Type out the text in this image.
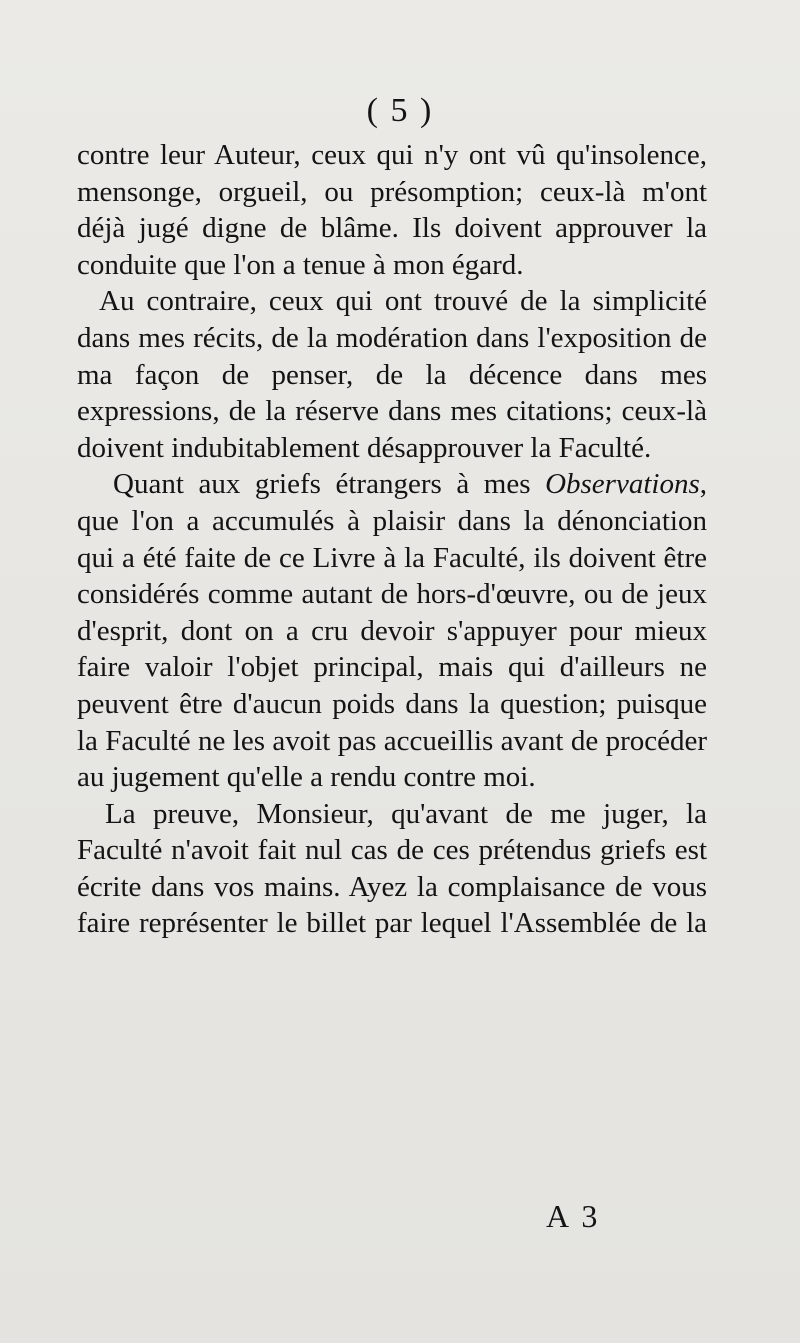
( 5 )

contre leur Auteur, ceux qui n'y ont vû qu'insolence, mensonge, orgueil, ou présomption; ceux-là m'ont déjà jugé digne de blâme. Ils doivent approuver la conduite que l'on a tenue à mon égard.

Au contraire, ceux qui ont trouvé de la simplicité dans mes récits, de la modération dans l'exposition de ma façon de penser, de la décence dans mes expressions, de la réserve dans mes citations; ceux-là doivent indubitablement désapprouver la Faculté.

Quant aux griefs étrangers à mes Observations, que l'on a accumulés à plaisir dans la dénonciation qui a été faite de ce Livre à la Faculté, ils doivent être considérés comme autant de hors-d'œuvre, ou de jeux d'esprit, dont on a cru devoir s'appuyer pour mieux faire valoir l'objet principal, mais qui d'ailleurs ne peuvent être d'aucun poids dans la question; puisque la Faculté ne les avoit pas accueillis avant de procéder au jugement qu'elle a rendu contre moi.

La preuve, Monsieur, qu'avant de me juger, la Faculté n'avoit fait nul cas de ces prétendus griefs est écrite dans vos mains. Ayez la complaisance de vous faire représenter le billet par lequel l'Assemblée de la

A 3
